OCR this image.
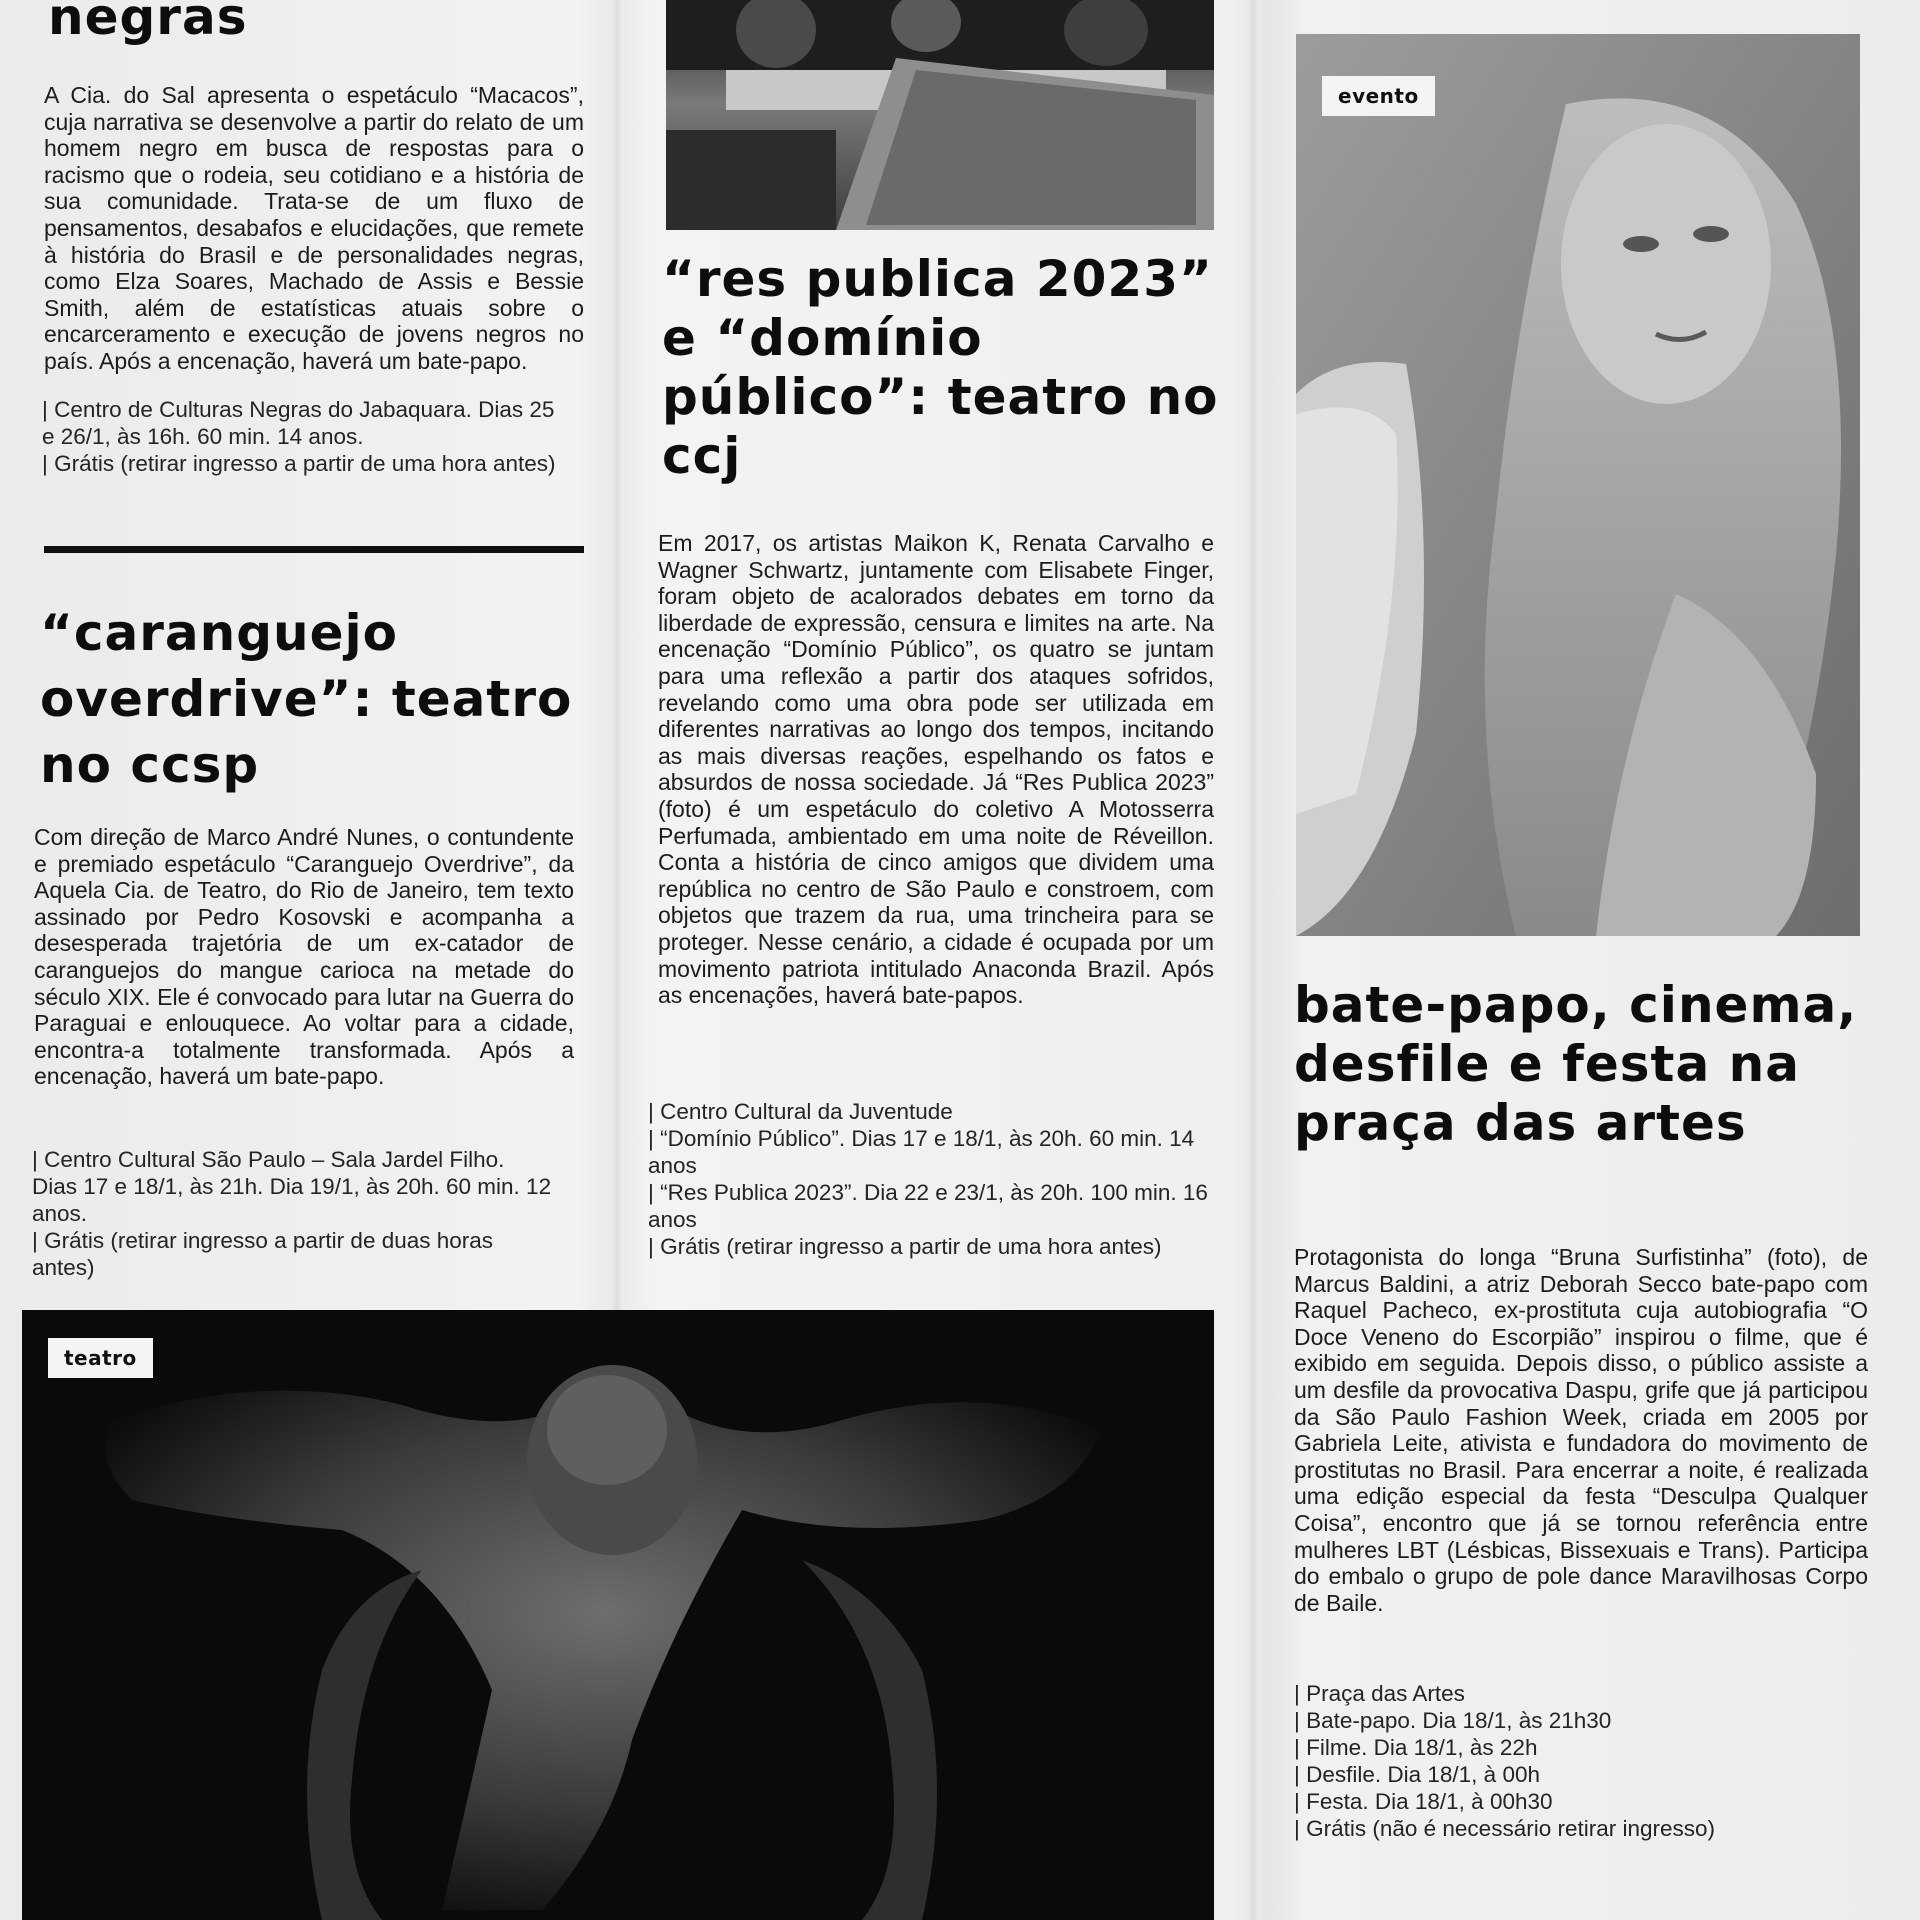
negras

A Cia. do Sal apresenta o espetáculo “Macacos”, cuja narrativa se desenvolve a partir do relato de um homem negro em busca de respostas para o racismo que o rodeia, seu cotidiano e a história de sua comunidade. Trata-se de um fluxo de pensamentos, desabafos e elucidações, que remete à história do Brasil e de personalidades negras, como Elza Soares, Machado de Assis e Bessie Smith, além de estatísticas atuais sobre o encarceramento e execução de jovens negros no país. Após a encenação, haverá um bate-papo.

| Centro de Culturas Negras do Jabaquara. Dias 25 e 26/1, às 16h. 60 min. 14 anos.
| Grátis (retirar ingresso a partir de uma hora antes)
“caranguejo overdrive”: teatro no ccsp

Com direção de Marco André Nunes, o contundente e premiado espetáculo “Caranguejo Overdrive”, da Aquela Cia. de Teatro, do Rio de Janeiro, tem texto assinado por Pedro Kosovski e acompanha a desesperada trajetória de um ex-catador de caranguejos do mangue carioca na metade do século XIX. Ele é convocado para lutar na Guerra do Paraguai e enlouquece. Ao voltar para a cidade, encontra-a totalmente transformada. Após a encenação, haverá um bate-papo.

| Centro Cultural São Paulo – Sala Jardel Filho. Dias 17 e 18/1, às 21h. Dia 19/1, às 20h. 60 min. 12 anos.
| Grátis (retirar ingresso a partir de duas horas antes)
“res publica 2023” e “domínio público”: teatro no ccj

Em 2017, os artistas Maikon K, Renata Carvalho e Wagner Schwartz, juntamente com Elisabete Finger, foram objeto de acalorados debates em torno da liberdade de expressão, censura e limites na arte. Na encenação “Domínio Público”, os quatro se juntam para uma reflexão a partir dos ataques sofridos, revelando como uma obra pode ser utilizada em diferentes narrativas ao longo dos tempos, incitando as mais diversas reações, espelhando os fatos e absurdos de nossa sociedade. Já “Res Publica 2023” (foto) é um espetáculo do coletivo A Motosserra Perfumada, ambientado em uma noite de Réveillon. Conta a história de cinco amigos que dividem uma república no centro de São Paulo e constroem, com objetos que trazem da rua, uma trincheira para se proteger. Nesse cenário, a cidade é ocupada por um movimento patriota intitulado Anaconda Brazil. Após as encenações, haverá bate-papos.

| Centro Cultural da Juventude
| “Domínio Público”. Dias 17 e 18/1, às 20h. 60 min. 14 anos
| “Res Publica 2023”. Dia 22 e 23/1, às 20h. 100 min. 16 anos
| Grátis (retirar ingresso a partir de uma hora antes)
teatro
evento
bate-papo, cinema, desfile e festa na praça das artes

Protagonista do longa “Bruna Surfistinha” (foto), de Marcus Baldini, a atriz Deborah Secco bate-papo com Raquel Pacheco, ex-prostituta cuja autobiografia “O Doce Veneno do Escorpião” inspirou o filme, que é exibido em seguida. Depois disso, o público assiste a um desfile da provocativa Daspu, grife que já participou da São Paulo Fashion Week, criada em 2005 por Gabriela Leite, ativista e fundadora do movimento de prostitutas no Brasil. Para encerrar a noite, é realizada uma edição especial da festa “Desculpa Qualquer Coisa”, encontro que já se tornou referência entre mulheres LBT (Lésbicas, Bissexuais e Trans). Participa do embalo o grupo de pole dance Maravilhosas Corpo de Baile.

| Praça das Artes
| Bate-papo. Dia 18/1, às 21h30
| Filme. Dia 18/1, às 22h
| Desfile. Dia 18/1, à 00h
| Festa. Dia 18/1, à 00h30
| Grátis (não é necessário retirar ingresso)
